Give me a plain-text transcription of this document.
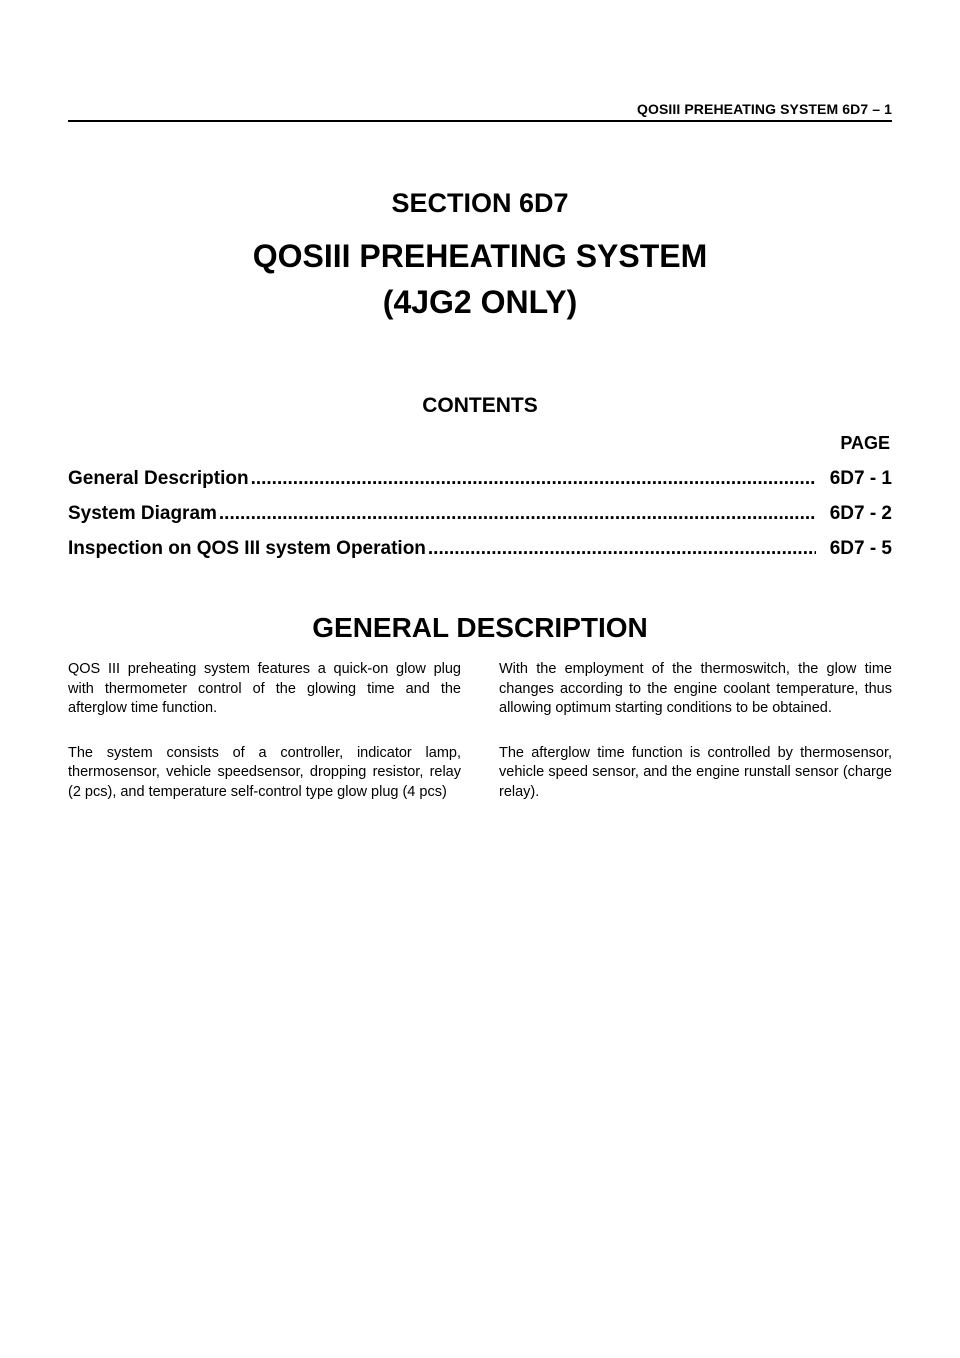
QOSIII PREHEATING SYSTEM 6D7 – 1
SECTION 6D7
QOSIII PREHEATING SYSTEM
(4JG2 ONLY)
CONTENTS
PAGE
General Description .....	6D7 - 1
System Diagram .....	6D7 - 2
Inspection on QOS III system Operation .....	6D7 - 5
GENERAL DESCRIPTION

QOS III preheating system features a quick-on glow plug with thermometer control of the glowing time and the afterglow time function.

The system consists of a controller, indicator lamp, thermosensor, vehicle speedsensor, dropping resistor, relay (2 pcs), and temperature self-control type glow plug (4 pcs)

With the employment of the thermoswitch, the glow time changes according to the engine coolant temperature, thus allowing optimum starting conditions to be obtained.

The afterglow time function is controlled by thermosensor, vehicle speed sensor, and the engine runstall sensor (charge relay).
